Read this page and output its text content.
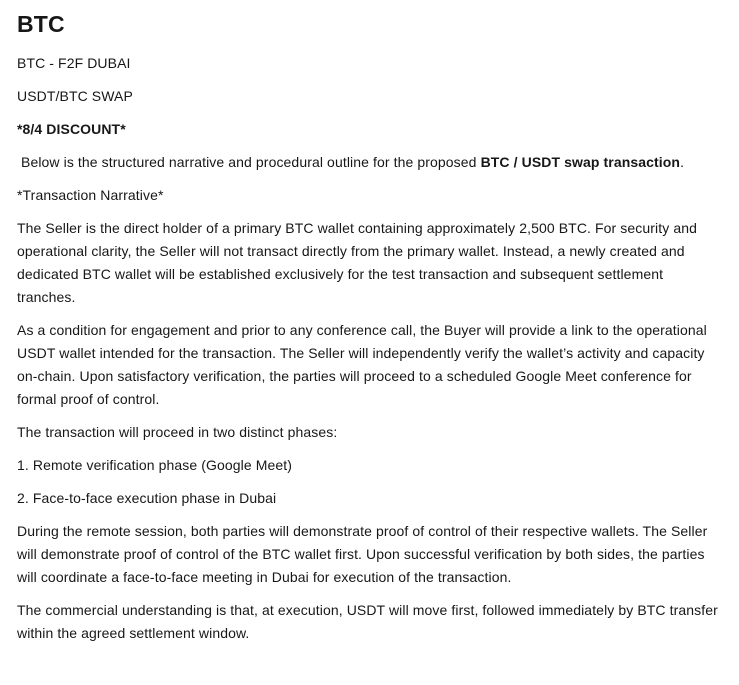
BTC

BTC - F2F DUBAI

USDT/BTC SWAP

*8/4 DISCOUNT*

Below is the structured narrative and procedural outline for the proposed BTC / USDT swap transaction.

*Transaction Narrative*

The Seller is the direct holder of a primary BTC wallet containing approximately 2,500 BTC. For security and operational clarity, the Seller will not transact directly from the primary wallet. Instead, a newly created and dedicated BTC wallet will be established exclusively for the test transaction and subsequent settlement tranches.

As a condition for engagement and prior to any conference call, the Buyer will provide a link to the operational USDT wallet intended for the transaction. The Seller will independently verify the wallet’s activity and capacity on-chain. Upon satisfactory verification, the parties will proceed to a scheduled Google Meet conference for formal proof of control.

The transaction will proceed in two distinct phases:

1. Remote verification phase (Google Meet)

2. Face-to-face execution phase in Dubai

During the remote session, both parties will demonstrate proof of control of their respective wallets. The Seller will demonstrate proof of control of the BTC wallet first. Upon successful verification by both sides, the parties will coordinate a face-to-face meeting in Dubai for execution of the transaction.

The commercial understanding is that, at execution, USDT will move first, followed immediately by BTC transfer within the agreed settlement window.
